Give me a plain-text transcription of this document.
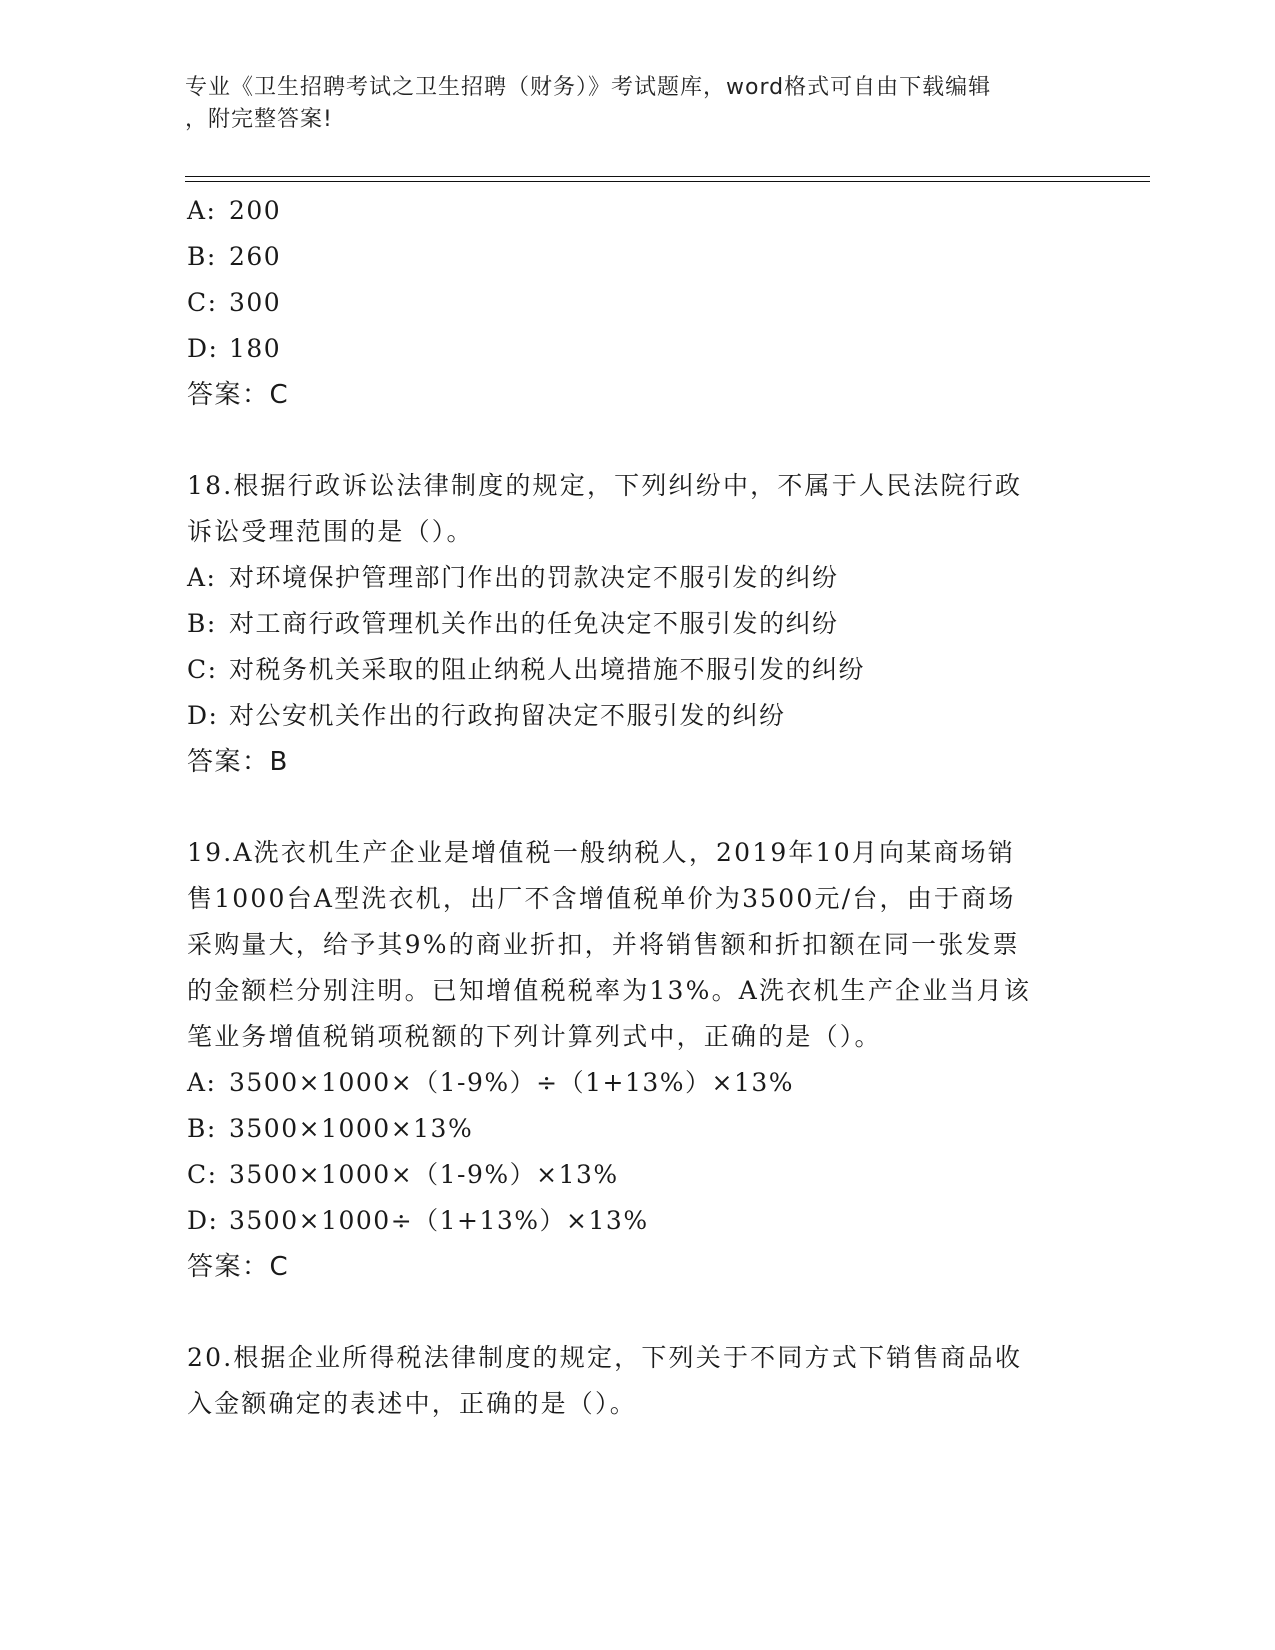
专业《卫生招聘考试之卫生招聘（财务）》考试题库，word格式可自由下载编辑
，附完整答案!
A: 200
B: 260
C: 300
D: 180
答案：C
18.根据行政诉讼法律制度的规定，下列纠纷中，不属于人民法院行政
诉讼受理范围的是（）。
A: 对环境保护管理部门作出的罚款决定不服引发的纠纷
B: 对工商行政管理机关作出的任免决定不服引发的纠纷
C: 对税务机关采取的阻止纳税人出境措施不服引发的纠纷
D: 对公安机关作出的行政拘留决定不服引发的纠纷
答案：B
19.A洗衣机生产企业是增值税一般纳税人，2019年10月向某商场销
售1000台A型洗衣机，出厂不含增值税单价为3500元/台，由于商场
采购量大，给予其9%的商业折扣，并将销售额和折扣额在同一张发票
的金额栏分别注明。已知增值税税率为13%。A洗衣机生产企业当月该
笔业务增值税销项税额的下列计算列式中，正确的是（）。
A: 3500×1000×（1-9%）÷（1+13%）×13%
B: 3500×1000×13%
C: 3500×1000×（1-9%）×13%
D: 3500×1000÷（1+13%）×13%
答案：C
20.根据企业所得税法律制度的规定，下列关于不同方式下销售商品收
入金额确定的表述中，正确的是（）。
